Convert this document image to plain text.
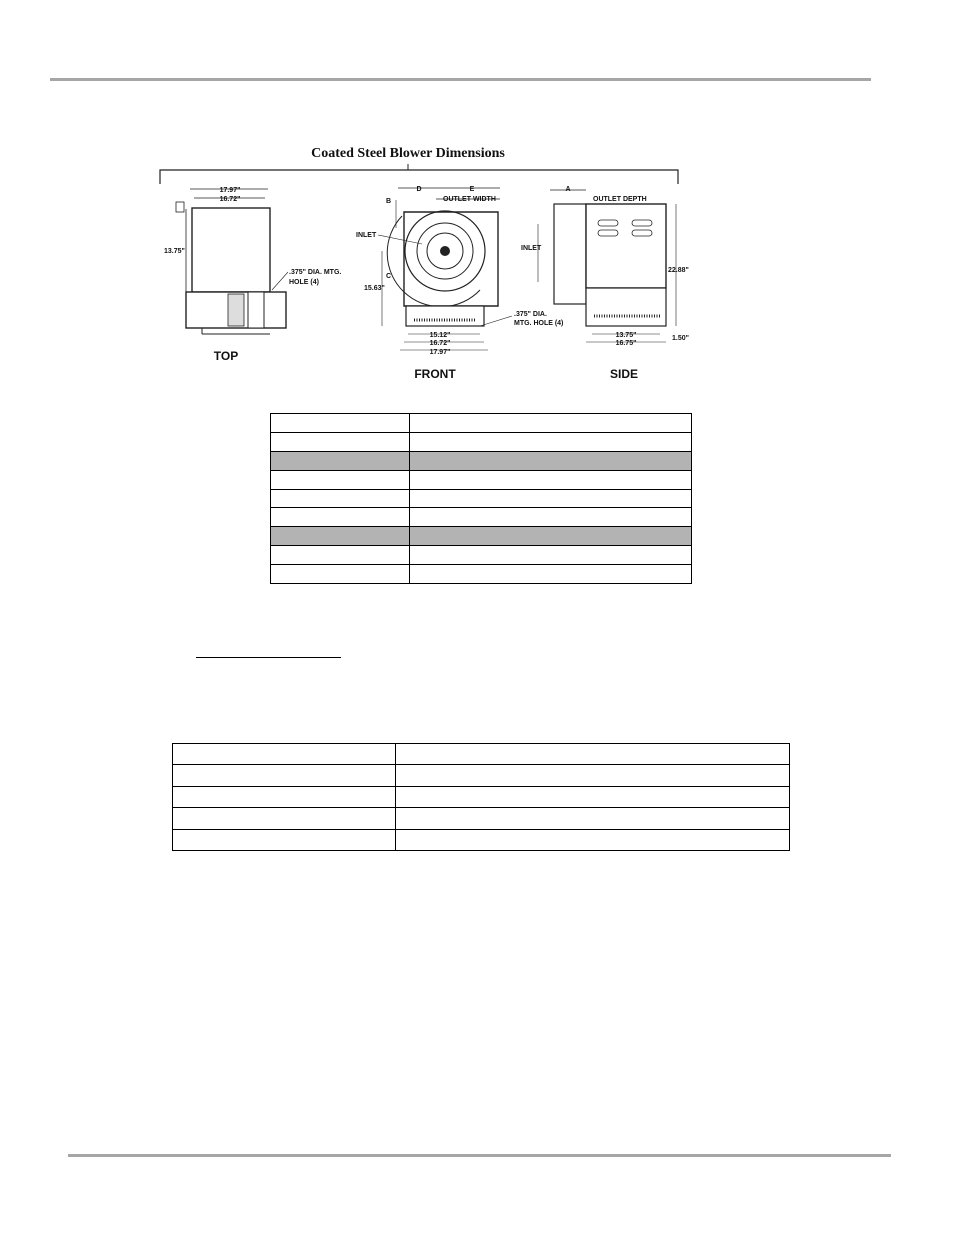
Coated Steel Blower Dimensions
17.97"
16.72"
13.75"
.375" DIA. MTG.
HOLE (4)
TOP
D	E
OUTLET WIDTH
B
INLET
C
15.63"
15.12"
16.72"
17.97"
.375" DIA.
MTG. HOLE (4)
FRONT
A
OUTLET DEPTH
INLET
22.88"
13.75"
16.75"
1.50"
SIDE
